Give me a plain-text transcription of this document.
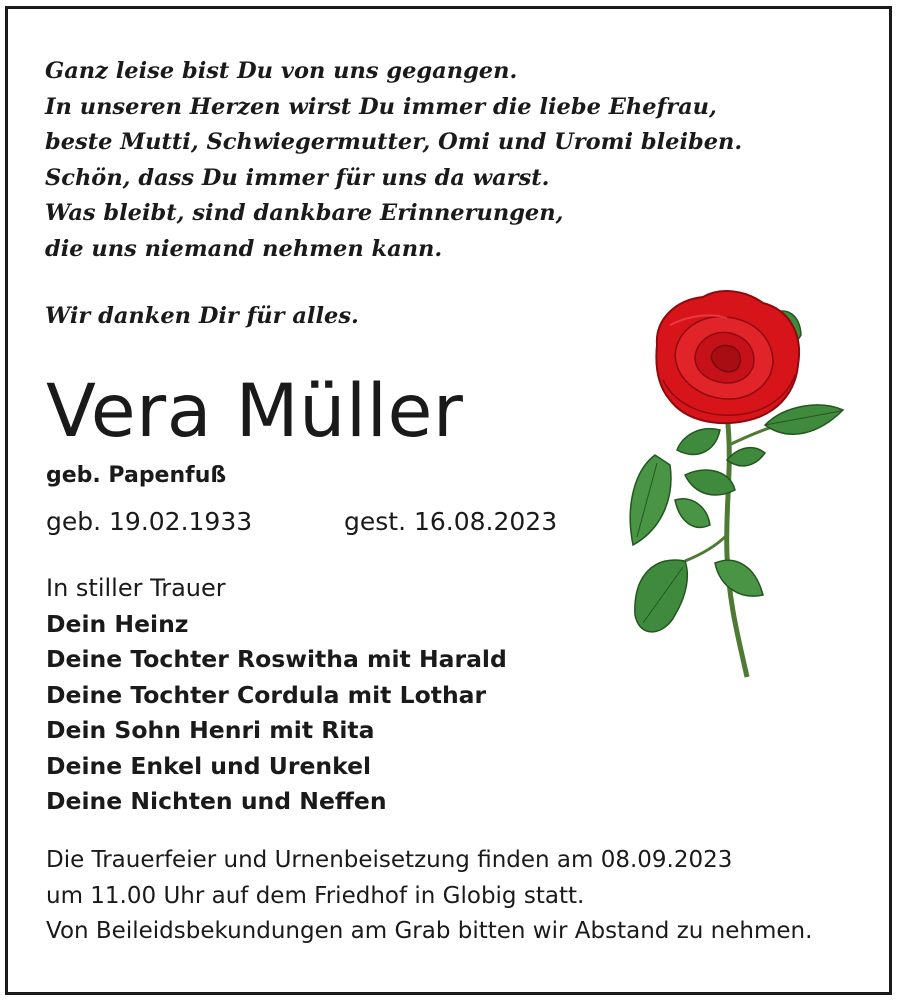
Ganz leise bist Du von uns gegangen.
In unseren Herzen wirst Du immer die liebe Ehefrau,
beste Mutti, Schwiegermutter, Omi und Uromi bleiben.
Schön, dass Du immer für uns da warst.
Was bleibt, sind dankbare Erinnerungen,
die uns niemand nehmen kann.
Wir danken Dir für alles.
Vera Müller
geb. Papenfuß
geb. 19.02.1933	gest. 16.08.2023
In stiller Trauer
Dein Heinz
Deine Tochter Roswitha mit Harald
Deine Tochter Cordula mit Lothar
Dein Sohn Henri mit Rita
Deine Enkel und Urenkel
Deine Nichten und Neffen
Die Trauerfeier und Urnenbeisetzung finden am 08.09.2023
um 11.00 Uhr auf dem Friedhof in Globig statt.
Von Beileidsbekundungen am Grab bitten wir Abstand zu nehmen.
